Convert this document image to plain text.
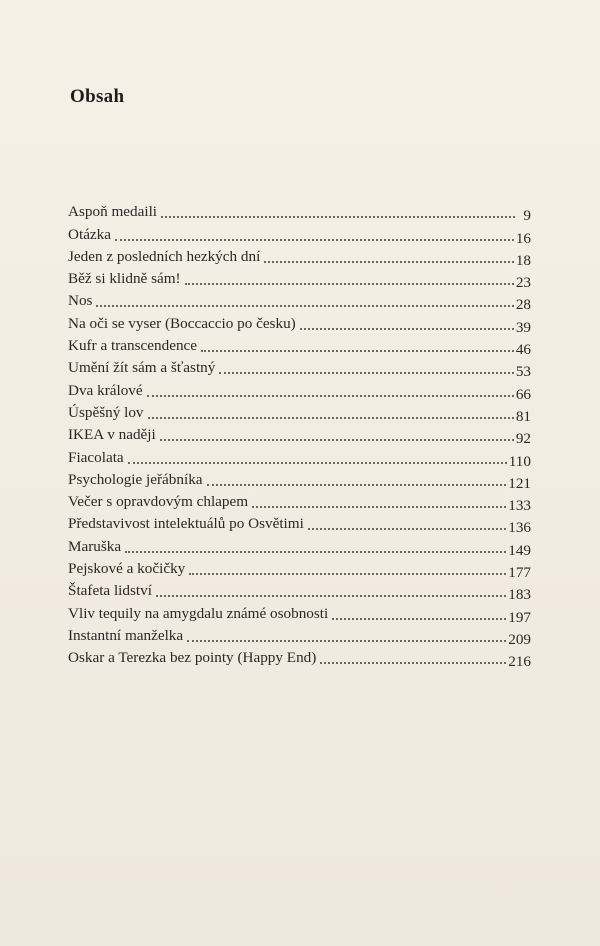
Obsah
Aspoň medaili	9
Otázka	16
Jeden z posledních hezkých dní	18
Běž si klidně sám!	23
Nos	28
Na oči se vyser (Boccaccio po česku)	39
Kufr a transcendence	46
Umění žít sám a šťastný	53
Dva králové	66
Úspěšný lov	81
IKEA v naději	92
Fiacolata	110
Psychologie jeřábníka	121
Večer s opravdovým chlapem	133
Představivost intelektuálů po Osvětimi	136
Maruška	149
Pejskové a kočičky	177
Štafeta lidství	183
Vliv tequily na amygdalu známé osobnosti	197
Instantní manželka	209
Oskar a Terezka bez pointy (Happy End)	216
